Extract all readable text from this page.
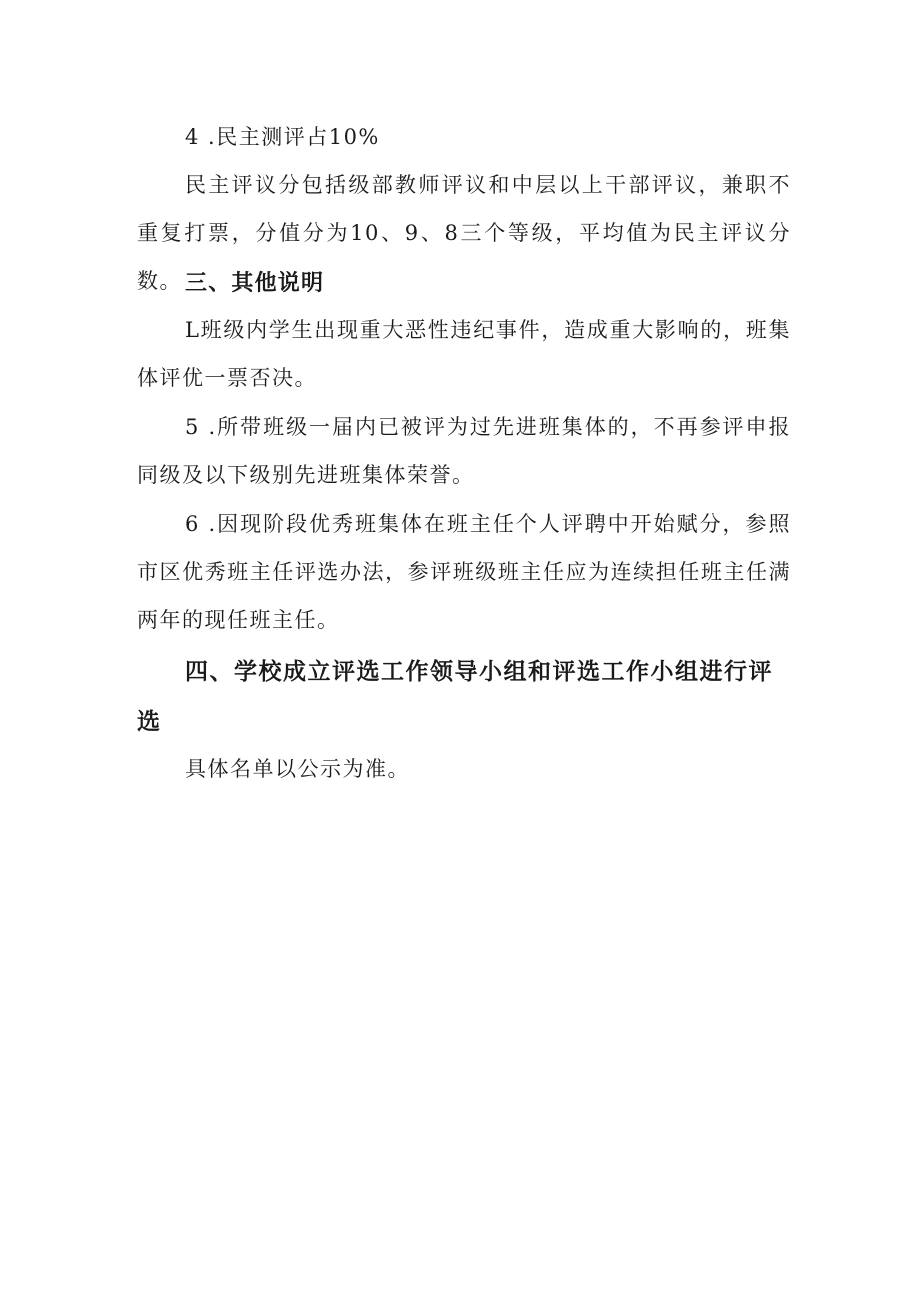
4 .民主测评占10%

民主评议分包括级部教师评议和中层以上干部评议，兼职不重复打票，分值分为10、9、8三个等级，平均值为民主评议分数。 三、其他说明

L班级内学生出现重大恶性违纪事件，造成重大影响的，班集体评优一票否决。

5 .所带班级一届内已被评为过先进班集体的，不再参评申报同级及以下级别先进班集体荣誉。

6 .因现阶段优秀班集体在班主任个人评聘中开始赋分，参照市区优秀班主任评选办法，参评班级班主任应为连续担任班主任满两年的现任班主任。

四、学校成立评选工作领导小组和评选工作小组进行评选

具体名单以公示为准。
